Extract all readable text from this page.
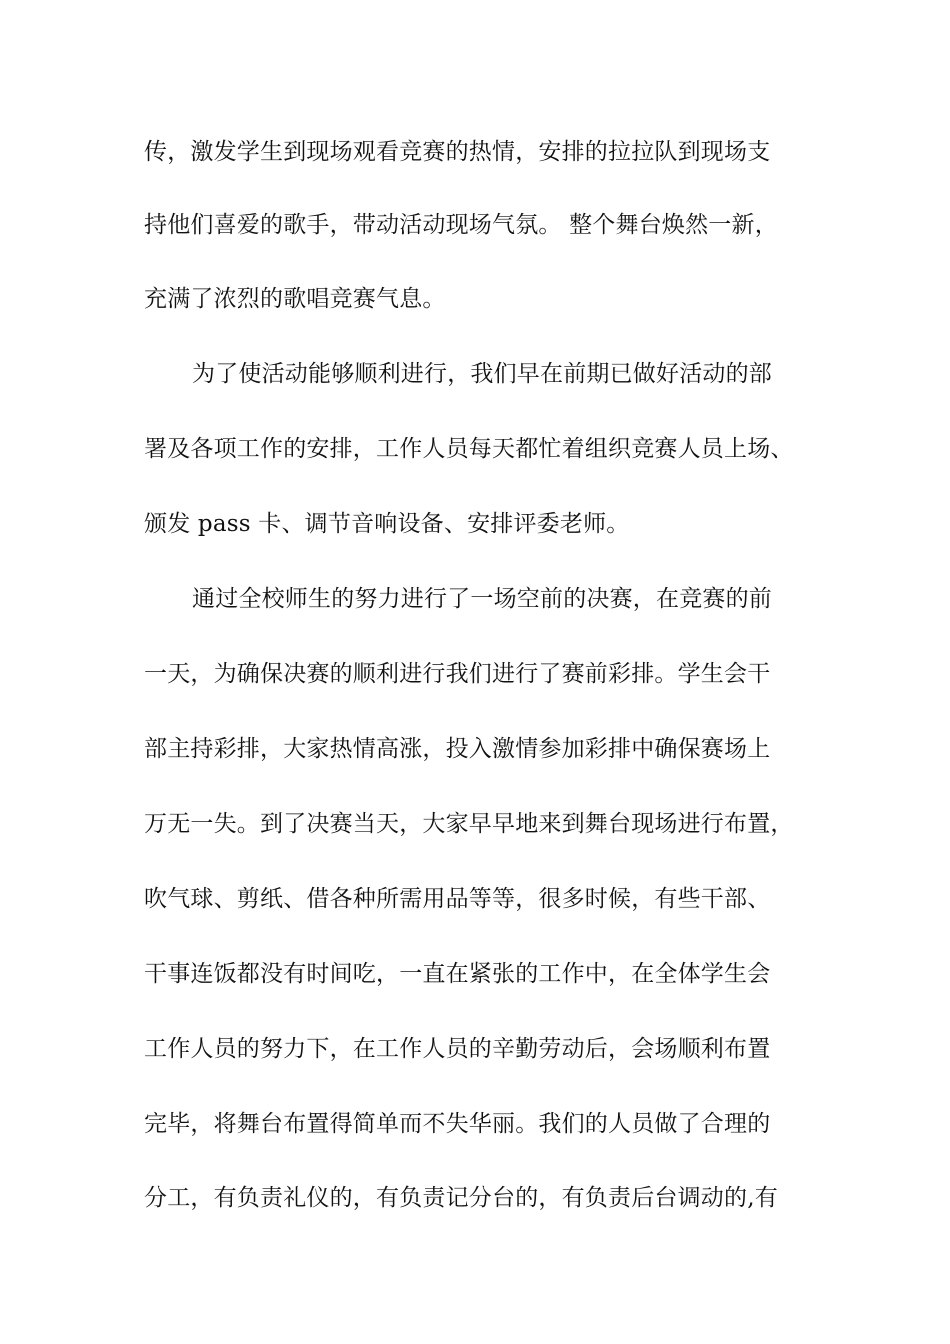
传，激发学生到现场观看竞赛的热情，安排的拉拉队到现场支
持他们喜爱的歌手，带动活动现场气氛。 整个舞台焕然一新，
充满了浓烈的歌唱竞赛气息。
为了使活动能够顺利进行，我们早在前期已做好活动的部
署及各项工作的安排，工作人员每天都忙着组织竞赛人员上场、
颁发 pass 卡、调节音响设备、安排评委老师。
通过全校师生的努力进行了一场空前的决赛，在竞赛的前
一天，为确保决赛的顺利进行我们进行了赛前彩排。学生会干
部主持彩排，大家热情高涨，投入激情参加彩排中确保赛场上
万无一失。到了决赛当天，大家早早地来到舞台现场进行布置，
吹气球、剪纸、借各种所需用品等等，很多时候，有些干部、
干事连饭都没有时间吃，一直在紧张的工作中，在全体学生会
工作人员的努力下，在工作人员的辛勤劳动后，会场顺利布置
完毕，将舞台布置得简单而不失华丽。我们的人员做了合理的
分工，有负责礼仪的，有负责记分台的，有负责后台调动的,有
